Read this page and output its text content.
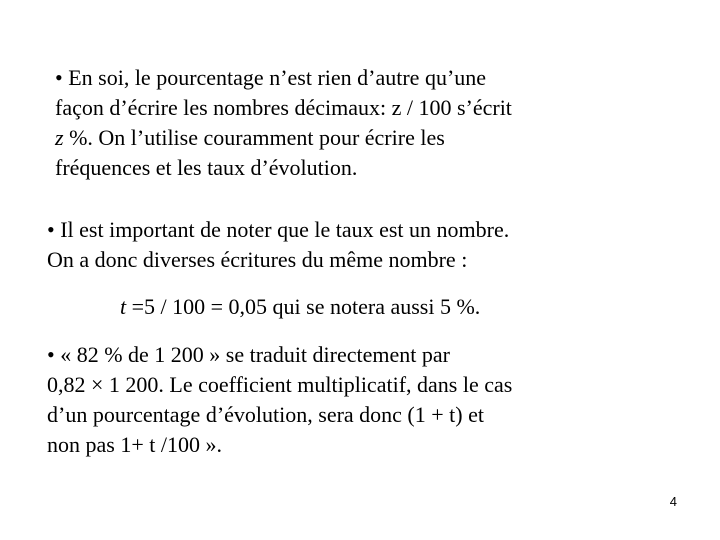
• En soi, le pourcentage n’est rien d’autre qu’une
façon d’écrire les nombres décimaux: z / 100 s’écrit
z %. On l’utilise couramment pour écrire les
fréquences et les taux d’évolution.

• Il est important de noter que le taux est un nombre.
On a donc diverses écritures du même nombre :

t =5 / 100 = 0,05 qui se notera aussi 5 %.

• « 82 % de 1 200 » se traduit directement par
0,82 × 1 200. Le coefficient multiplicatif, dans le cas
d’un pourcentage d’évolution, sera donc (1 + t) et
non pas 1+ t /100 ».

4
